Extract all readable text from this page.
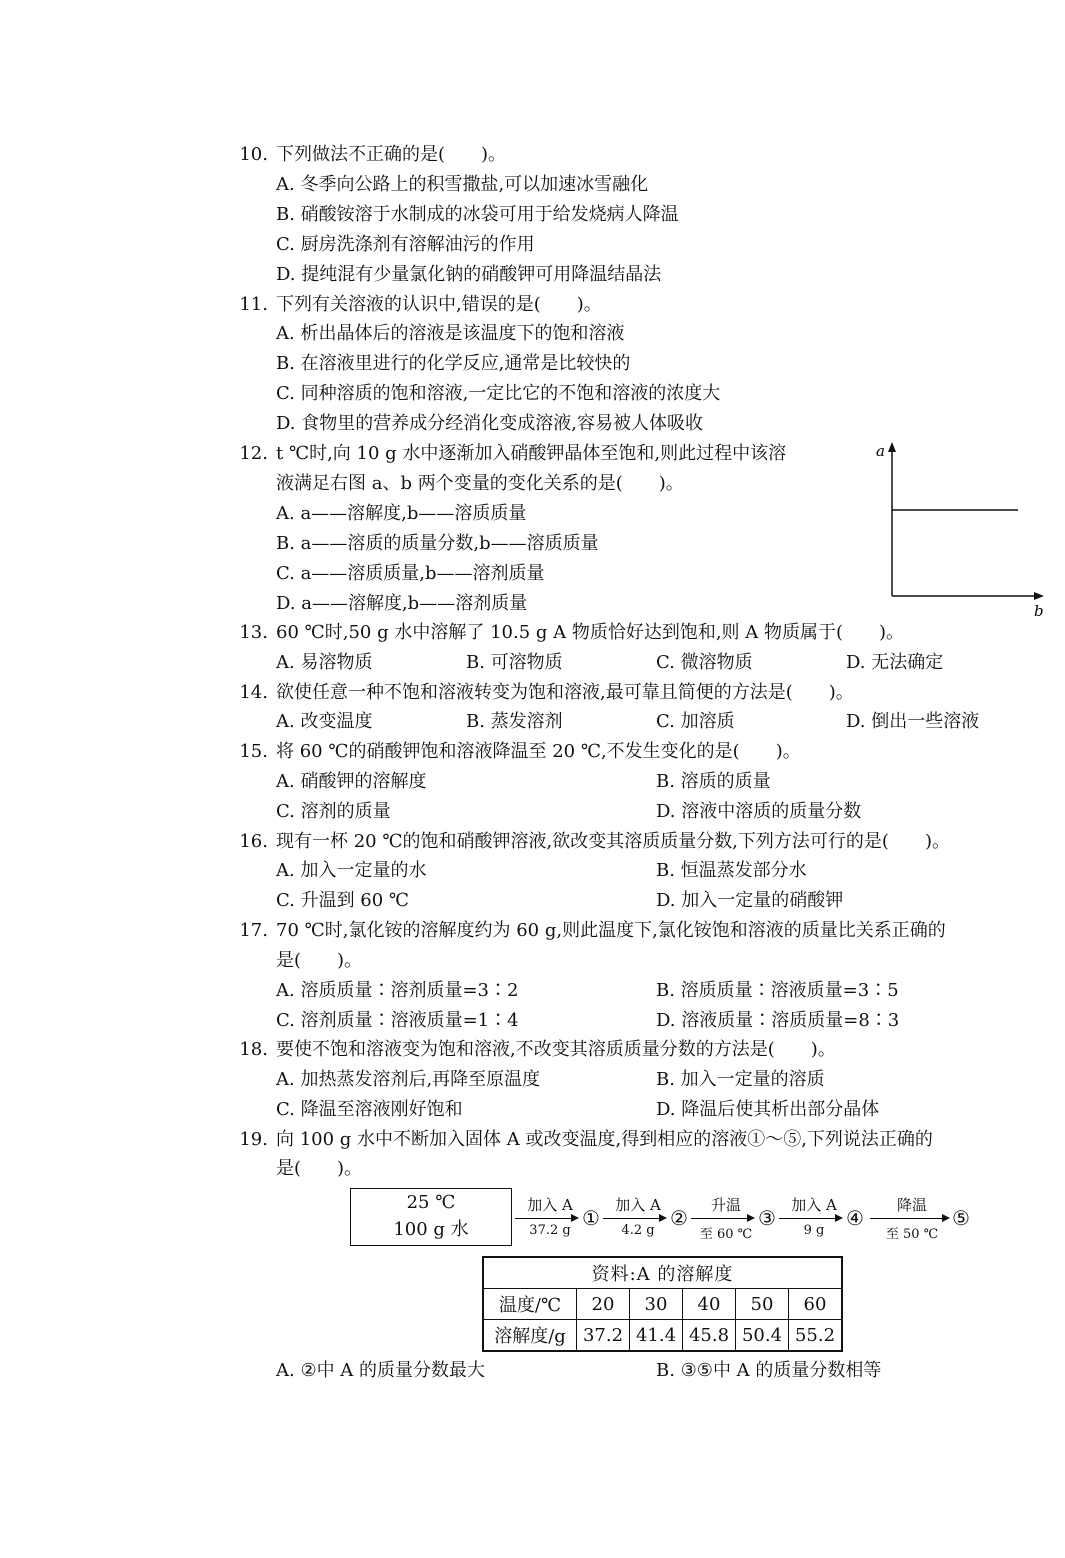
10. 下列做法不正确的是(　　)。
A. 冬季向公路上的积雪撒盐,可以加速冰雪融化
B. 硝酸铵溶于水制成的冰袋可用于给发烧病人降温
C. 厨房洗涤剂有溶解油污的作用
D. 提纯混有少量氯化钠的硝酸钾可用降温结晶法
11. 下列有关溶液的认识中,错误的是(　　)。
A. 析出晶体后的溶液是该温度下的饱和溶液
B. 在溶液里进行的化学反应,通常是比较快的
C. 同种溶质的饱和溶液,一定比它的不饱和溶液的浓度大
D. 食物里的营养成分经消化变成溶液,容易被人体吸收
12. t ℃时,向 10 g 水中逐渐加入硝酸钾晶体至饱和,则此过程中该溶
液满足右图 a、b 两个变量的变化关系的是(　　)。
A. a——溶解度,b——溶质质量
B. a——溶质的质量分数,b——溶质质量
C. a——溶质质量,b——溶剂质量
D. a——溶解度,b——溶剂质量
a
b
13. 60 ℃时,50 g 水中溶解了 10.5 g A 物质恰好达到饱和,则 A 物质属于(　　)。
A. 易溶物质	B. 可溶物质	C. 微溶物质	D. 无法确定
14. 欲使任意一种不饱和溶液转变为饱和溶液,最可靠且简便的方法是(　　)。
A. 改变温度	B. 蒸发溶剂	C. 加溶质	D. 倒出一些溶液
15. 将 60 ℃的硝酸钾饱和溶液降温至 20 ℃,不发生变化的是(　　)。
A. 硝酸钾的溶解度	B. 溶质的质量
C. 溶剂的质量	D. 溶液中溶质的质量分数
16. 现有一杯 20 ℃的饱和硝酸钾溶液,欲改变其溶质质量分数,下列方法可行的是(　　)。
A. 加入一定量的水	B. 恒温蒸发部分水
C. 升温到 60 ℃	D. 加入一定量的硝酸钾
17. 70 ℃时,氯化铵的溶解度约为 60 g,则此温度下,氯化铵饱和溶液的质量比关系正确的
是(　　)。
A. 溶质质量∶溶剂质量=3∶2	B. 溶质质量∶溶液质量=3∶5
C. 溶剂质量∶溶液质量=1∶4	D. 溶液质量∶溶质质量=8∶3
18. 要使不饱和溶液变为饱和溶液,不改变其溶质质量分数的方法是(　　)。
A. 加热蒸发溶剂后,再降至原温度	B. 加入一定量的溶质
C. 降温至溶液刚好饱和	D. 降温后使其析出部分晶体
19. 向 100 g 水中不断加入固体 A 或改变温度,得到相应的溶液①～⑤,下列说法正确的
是(　　)。
25 ℃
100 g 水
加入 A
37.2 g
①
加入 A
4.2 g
②
升温
至 60 ℃
③
加入 A
9 g
④
降温
至 50 ℃
⑤
资料:A 的溶解度					
温度/℃	20	30	40	50	60
溶解度/g	37.2	41.4	45.8	50.4	55.2
A. ②中 A 的质量分数最大	B. ③⑤中 A 的质量分数相等
